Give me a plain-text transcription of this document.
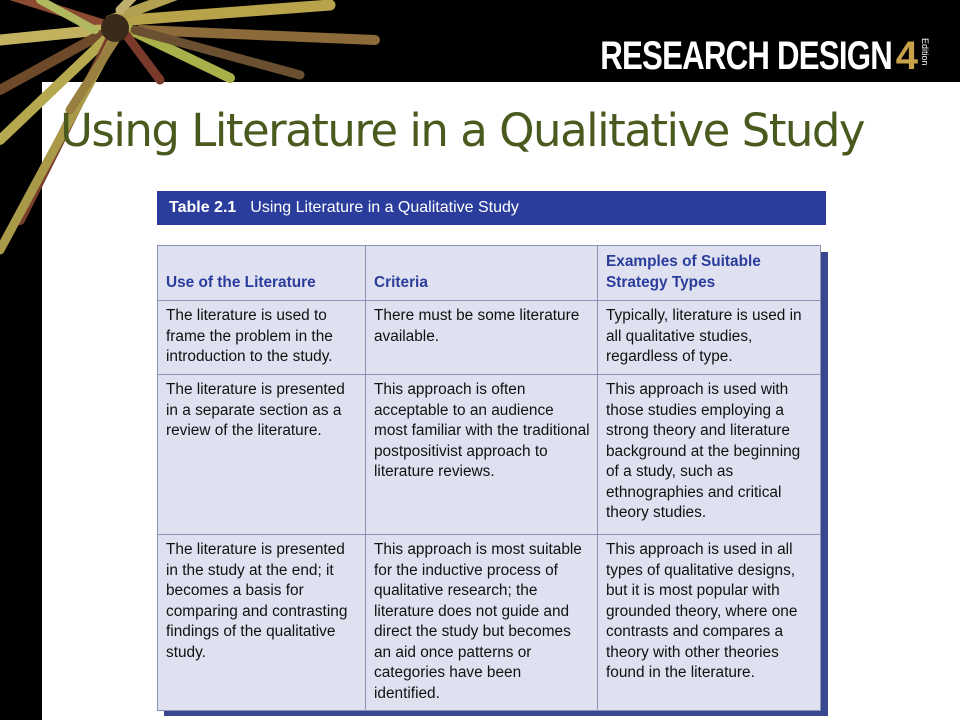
RESEARCH DESIGN 4 Edition
Using Literature in a Qualitative Study
Table 2.1 Using Literature in a Qualitative Study
Use of the Literature	Criteria	Examples of Suitable Strategy Types
The literature is used to frame the problem in the introduction to the study.	There must be some literature available.	Typically, literature is used in all qualitative studies, regardless of type.
The literature is presented in a separate section as a review of the literature.	This approach is often acceptable to an audience most familiar with the traditional postpositivist approach to literature reviews.	This approach is used with those studies employing a strong theory and literature background at the beginning of a study, such as ethnographies and critical theory studies.
The literature is presented in the study at the end; it becomes a basis for comparing and contrasting findings of the qualitative study.	This approach is most suitable for the inductive process of qualitative research; the literature does not guide and direct the study but becomes an aid once patterns or categories have been identified.	This approach is used in all types of qualitative designs, but it is most popular with grounded theory, where one contrasts and compares a theory with other theories found in the literature.
